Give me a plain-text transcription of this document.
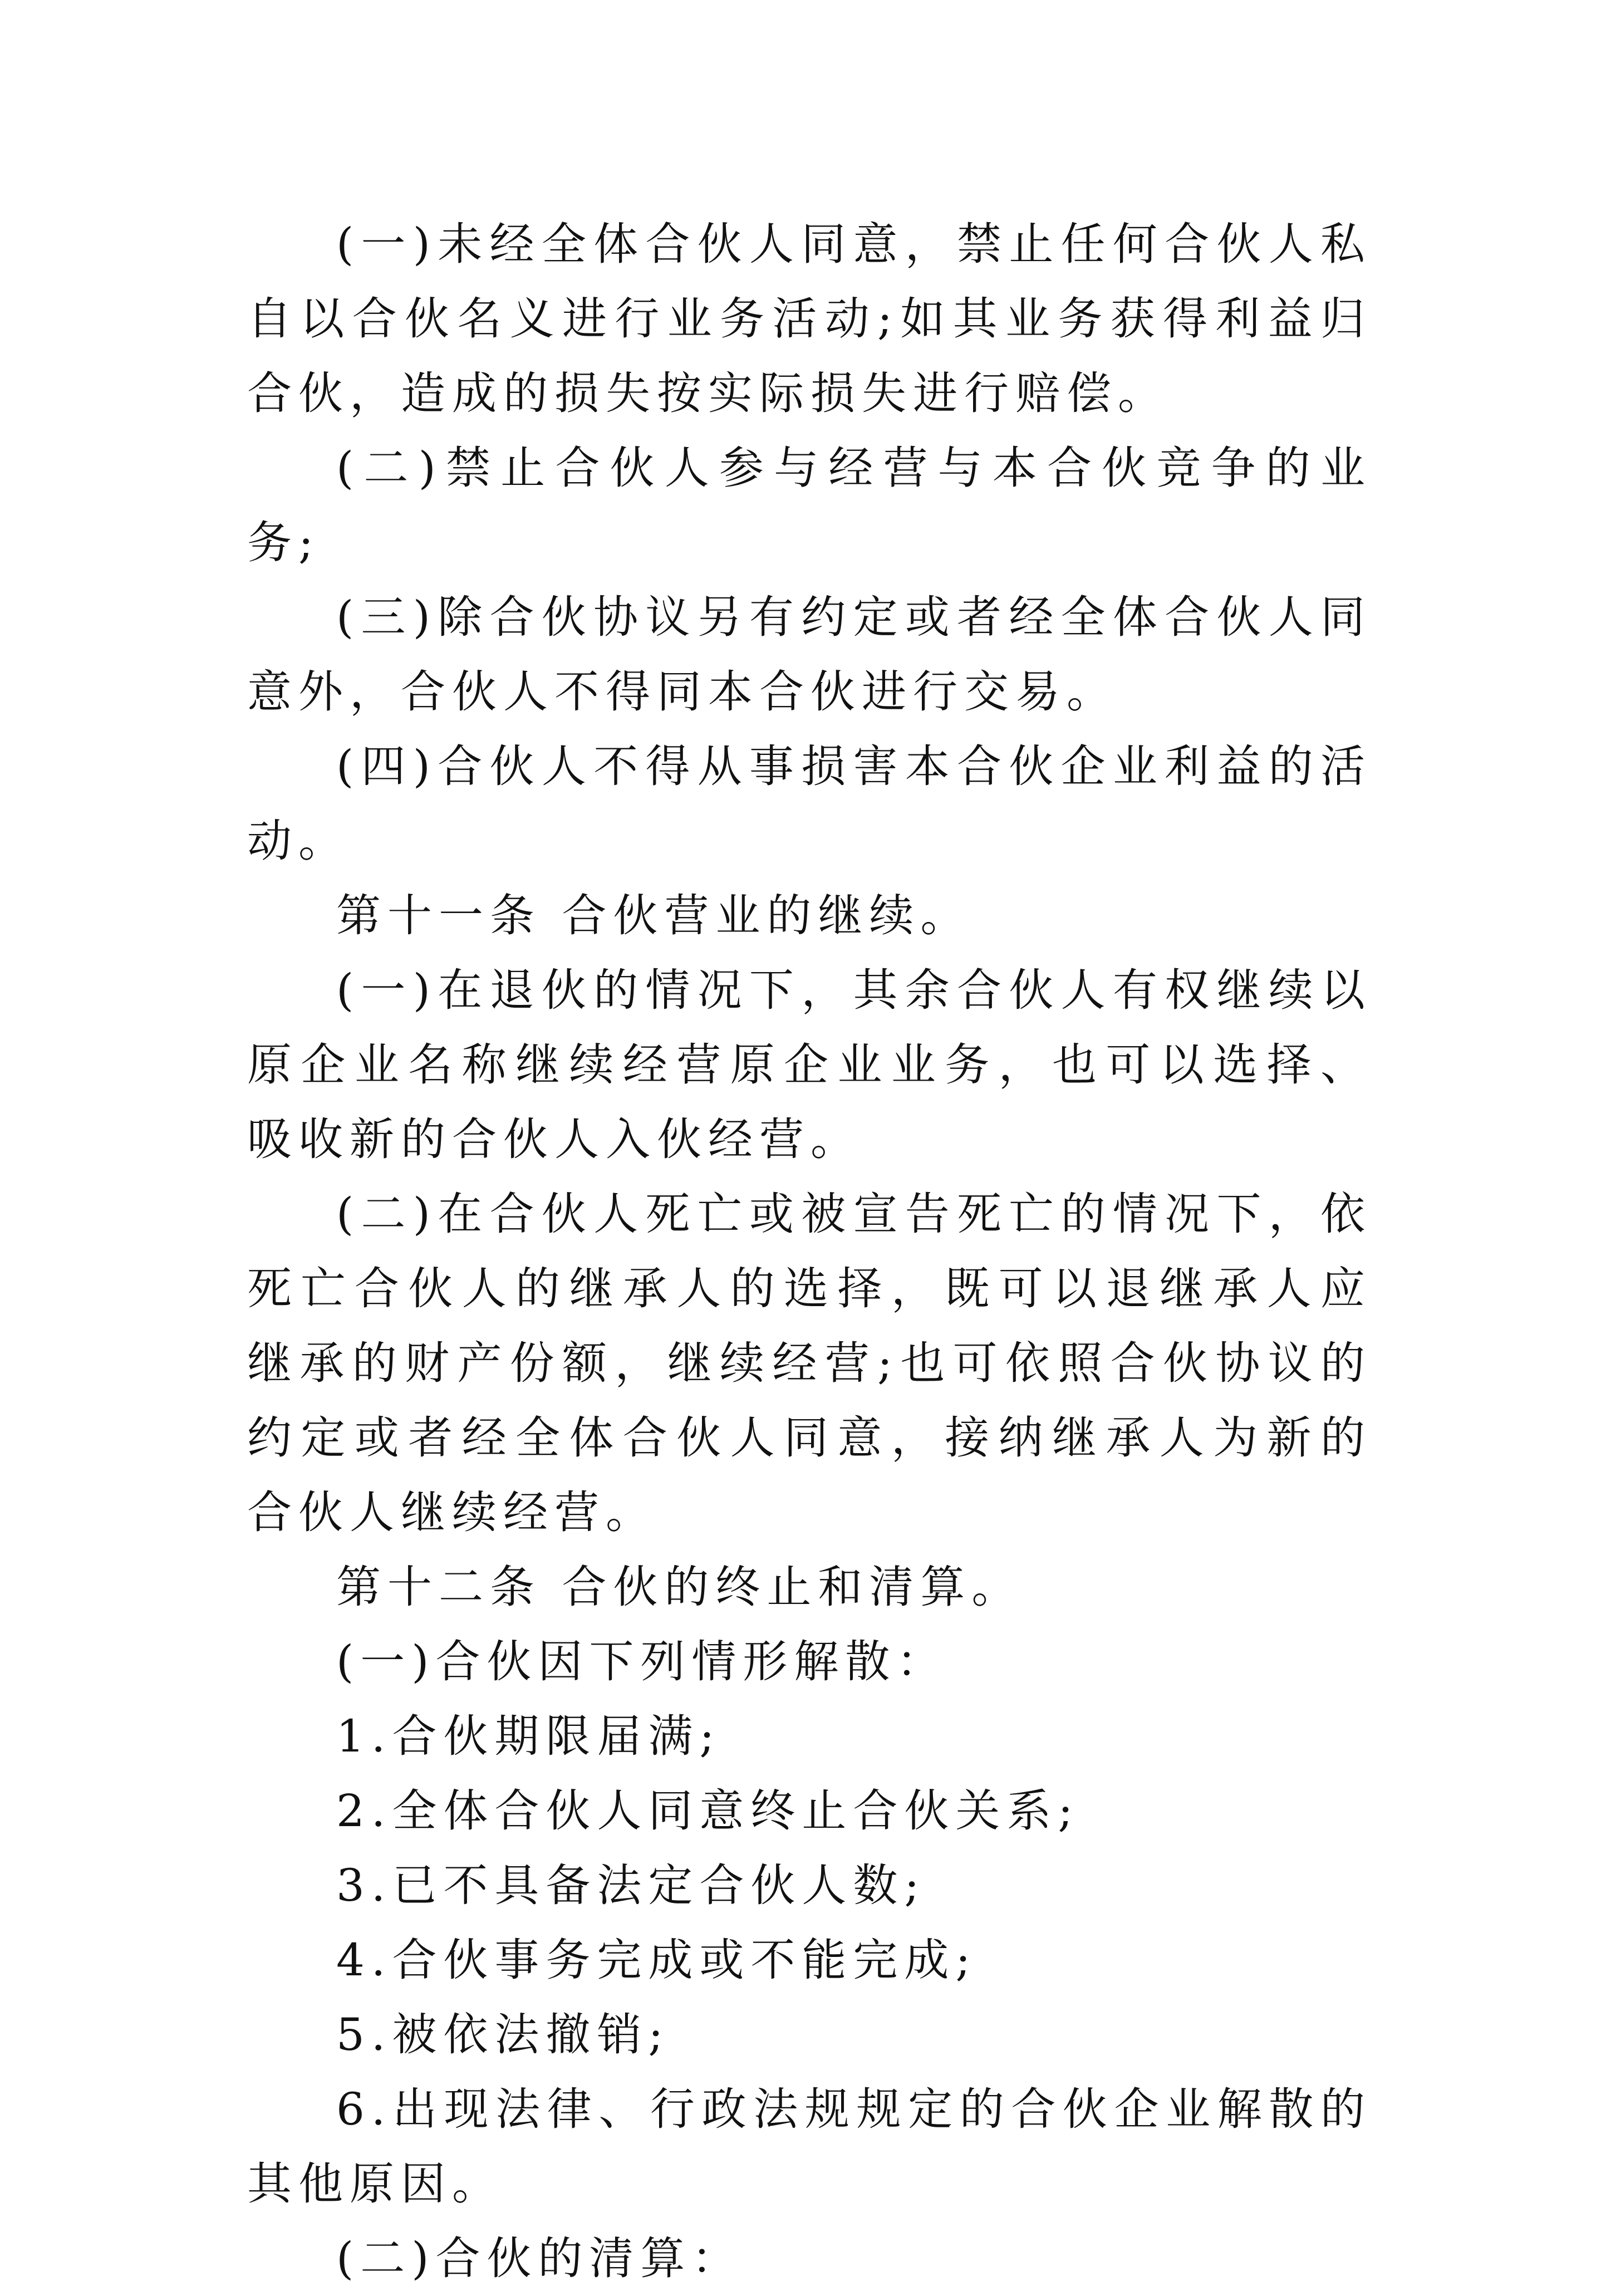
(一)未经全体合伙人同意，禁止任何合伙人私自以合伙名义进行业务活动;如其业务获得利益归合伙，造成的损失按实际损失进行赔偿。

(二)禁止合伙人参与经营与本合伙竞争的业务;

(三)除合伙协议另有约定或者经全体合伙人同意外，合伙人不得同本合伙进行交易。

(四)合伙人不得从事损害本合伙企业利益的活动。

第十一条 合伙营业的继续。

(一)在退伙的情况下，其余合伙人有权继续以原企业名称继续经营原企业业务，也可以选择、吸收新的合伙人入伙经营。

(二)在合伙人死亡或被宣告死亡的情况下，依死亡合伙人的继承人的选择，既可以退继承人应继承的财产份额，继续经营;也可依照合伙协议的约定或者经全体合伙人同意，接纳继承人为新的合伙人继续经营。

第十二条 合伙的终止和清算。

(一)合伙因下列情形解散：

1.合伙期限届满;

2.全体合伙人同意终止合伙关系;

3.已不具备法定合伙人数;

4.合伙事务完成或不能完成;

5.被依法撤销;

6.出现法律、行政法规规定的合伙企业解散的其他原因。

(二)合伙的清算：
